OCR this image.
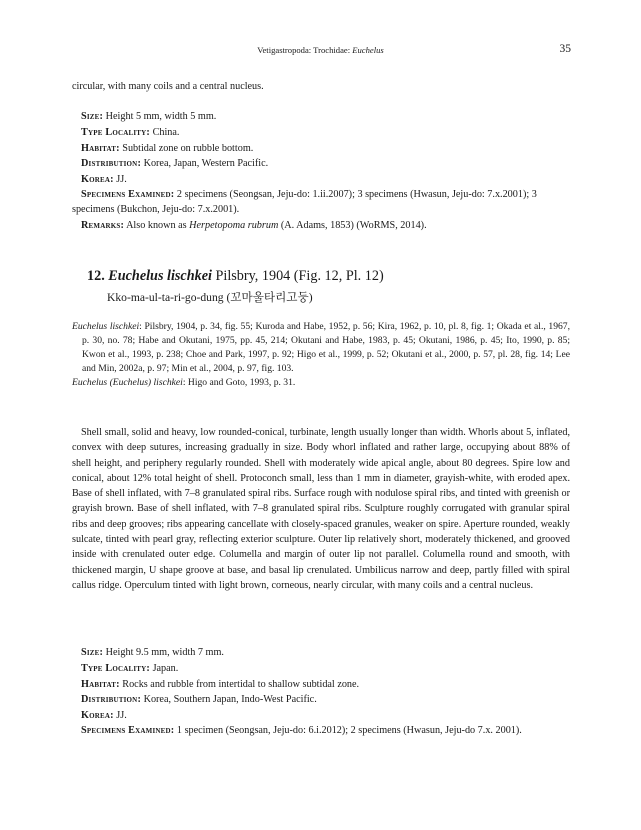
Vetigastropoda: Trochidae: Euchelus	35
circular, with many coils and a central nucleus.

Size: Height 5 mm, width 5 mm.

Type Locality: China.

Habitat: Subtidal zone on rubble bottom.

Distribution: Korea, Japan, Western Pacific.

Korea: JJ.

Specimens Examined: 2 specimens (Seongsan, Jeju-do: 1.ii.2007); 3 specimens (Hwasun, Jeju-do: 7.x.2001); 3 specimens (Bukchon, Jeju-do: 7.x.2001).

Remarks: Also known as Herpetopoma rubrum (A. Adams, 1853) (WoRMS, 2014).

12. Euchelus lischkei Pilsbry, 1904 (Fig. 12, Pl. 12)
Kko-ma-ul-ta-ri-go-dung (꼬마울타리고둥)

Euchelus lischkei: Pilsbry, 1904, p. 34, fig. 55; Kuroda and Habe, 1952, p. 56; Kira, 1962, p. 10, pl. 8, fig. 1; Okada et al., 1967, p. 30, no. 78; Habe and Okutani, 1975, pp. 45, 214; Okutani and Habe, 1983, p. 45; Okutani, 1986, p. 45; Ito, 1990, p. 85; Kwon et al., 1993, p. 238; Choe and Park, 1997, p. 92; Higo et al., 1999, p. 52; Okutani et al., 2000, p. 57, pl. 28, fig. 14; Lee and Min, 2002a, p. 97; Min et al., 2004, p. 97, fig. 103.

Euchelus (Euchelus) lischkei: Higo and Goto, 1993, p. 31.

Shell small, solid and heavy, low rounded-conical, turbinate, length usually longer than width. Whorls about 5, inflated, convex with deep sutures, increasing gradually in size. Body whorl inflated and rather large, occupying about 88% of shell height, and periphery regularly rounded. Shell with moderately wide apical angle, about 80 degrees. Spire low and conical, about 12% total height of shell. Protoconch small, less than 1 mm in diameter, grayish-white, with eroded apex. Base of shell inflated, with 7–8 granulated spiral ribs. Surface rough with nodulose spiral ribs, and tinted with greenish or grayish brown. Base of shell inflated, with 7–8 granulated spiral ribs. Sculpture roughly corrugated with granular spiral ribs and deep grooves; ribs appearing cancellate with closely-spaced granules, weaker on spire. Aperture rounded, weakly sulcate, tinted with pearl gray, reflecting exterior sculpture. Outer lip relatively short, moderately thickened, and grooved inside with crenulated outer edge. Columella and margin of outer lip not parallel. Columella round and smooth, with thickened margin, U shape groove at base, and basal lip crenulated. Umbilicus narrow and deep, partly filled with spiral callus ridge. Operculum tinted with light brown, corneous, nearly circular, with many coils and a central nucleus.

Size: Height 9.5 mm, width 7 mm.

Type Locality: Japan.

Habitat: Rocks and rubble from intertidal to shallow subtidal zone.

Distribution: Korea, Southern Japan, Indo-West Pacific.

Korea: JJ.

Specimens Examined: 1 specimen (Seongsan, Jeju-do: 6.i.2012); 2 specimens (Hwasun, Jeju-do 7.x. 2001).
